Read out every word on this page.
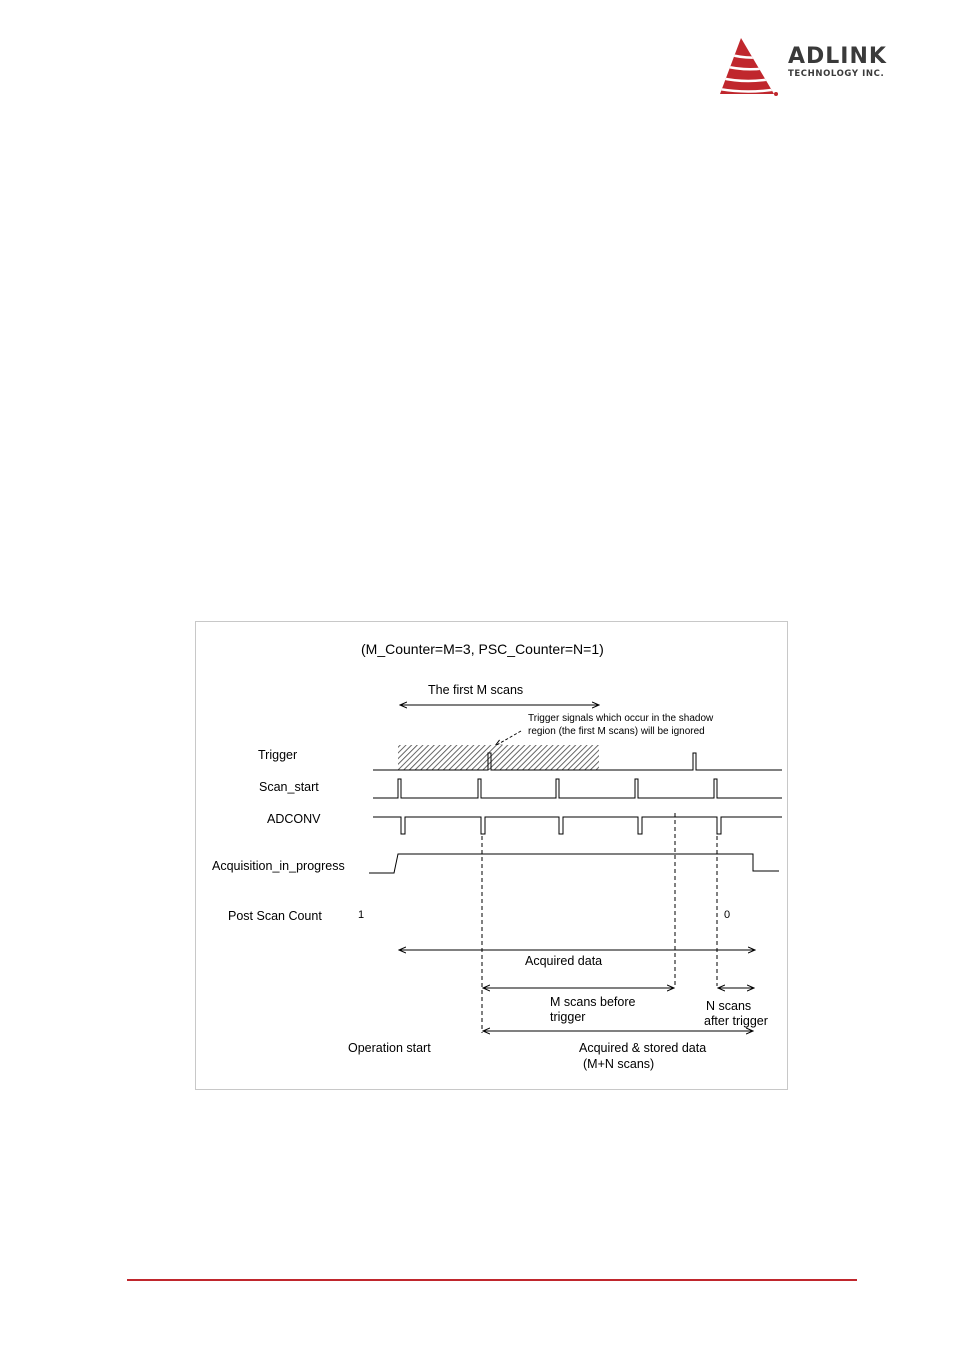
ADLINK
TECHNOLOGY INC.
(M_Counter=M=3, PSC_Counter=N=1)
The first M scans
Trigger signals which occur in the shadow
region (the first M scans) will be ignored
Trigger
Scan_start
ADCONV
Acquisition_in_progress
Post Scan Count	1	0
Acquired data
M scans before
trigger
N scans
after trigger
Operation start	Acquired & stored data
(M+N scans)
